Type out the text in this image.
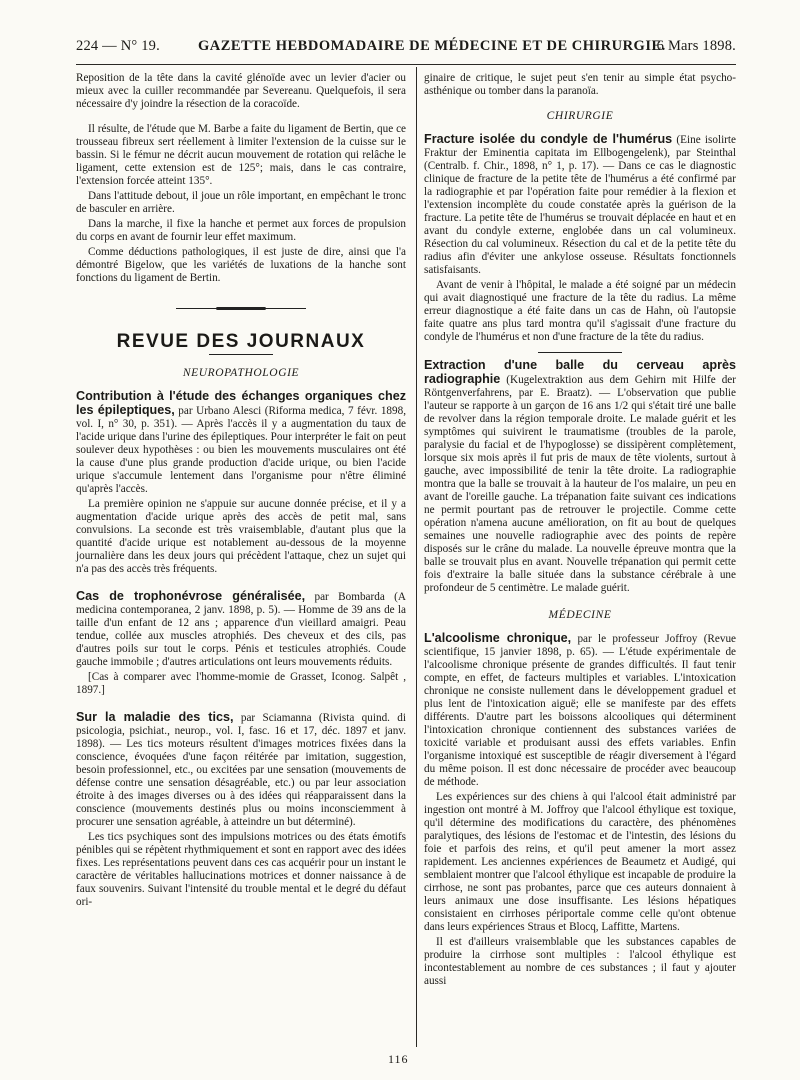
224 — N° 19.	GAZETTE HEBDOMADAIRE DE MÉDECINE ET DE CHIRURGIE.
6 Mars 1898.

Reposition de la tête dans la cavité glénoïde avec un levier d'acier ou mieux avec la cuiller recommandée par Severeanu. Quelquefois, il sera nécessaire d'y joindre la résection de la coracoïde.

Il résulte, de l'étude que M. Barbe a faite du ligament de Bertin, que ce trousseau fibreux sert réellement à limiter l'extension de la cuisse sur le bassin. Si le fémur ne décrit aucun mouvement de rotation qui relâche le ligament, cette extension est de 125°; mais, dans le cas contraire, l'extension forcée atteint 135°.

Dans l'attitude debout, il joue un rôle important, en empêchant le tronc de basculer en arrière.

Dans la marche, il fixe la hanche et permet aux forces de propulsion du corps en avant de fournir leur effet maximum.

Comme déductions pathologiques, il est juste de dire, ainsi que l'a démontré Bigelow, que les variétés de luxations de la hanche sont fonctions du ligament de Bertin.

REVUE DES JOURNAUX
NEUROPATHOLOGIE

Contribution à l'étude des échanges organiques chez les épileptiques, par Urbano Alesci (Riforma medica, 7 févr. 1898, vol. I, n° 30, p. 351). — Après l'accès il y a augmentation du taux de l'acide urique dans l'urine des épileptiques. Pour interpréter le fait on peut soulever deux hypothèses : ou bien les mouvements musculaires ont été la cause d'une plus grande production d'acide urique, ou bien l'acide urique s'accumule lentement dans l'organisme pour n'être éliminé qu'après l'accès.

La première opinion ne s'appuie sur aucune donnée précise, et il y a augmentation d'acide urique après des accès de petit mal, sans convulsions. La seconde est très vraisemblable, d'autant plus que la quantité d'acide urique est notablement au-dessous de la moyenne journalière dans les deux jours qui précèdent l'attaque, chez un sujet qui n'a pas des accès très fréquents.

Cas de trophonévrose généralisée, par Bombarda (A medicina contemporanea, 2 janv. 1898, p. 5). — Homme de 39 ans de la taille d'un enfant de 12 ans ; apparence d'un vieillard amaigri. Peau tendue, collée aux muscles atrophiés. Des cheveux et des cils, pas d'autres poils sur tout le corps. Pénis et testicules atrophiés. Coude gauche immobile ; d'autres articulations ont leurs mouvements réduits.

[Cas à comparer avec l'homme-momie de Grasset, Iconog. Salpêt , 1897.]

Sur la maladie des tics, par Sciamanna (Rivista quind. di psicologia, psichiat., neurop., vol. I, fasc. 16 et 17, déc. 1897 et janv. 1898). — Les tics moteurs résultent d'images motrices fixées dans la conscience, évoquées d'une façon réitérée par imitation, suggestion, besoin professionnel, etc., ou excitées par une sensation (mouvements de défense contre une sensation désagréable, etc.) ou par leur association étroite à des images diverses ou à des idées qui réapparaissent dans la conscience (mouvements destinés plus ou moins inconsciemment à procurer une sensation agréable, à atteindre un but déterminé).

Les tics psychiques sont des impulsions motrices ou des états émotifs pénibles qui se répètent rhythmiquement et sont en rapport avec des idées fixes. Les représentations peuvent dans ces cas acquérir pour un instant le caractère de véritables hallucinations motrices et donner naissance à de faux souvenirs. Suivant l'intensité du trouble mental et le degré du défaut ori-

ginaire de critique, le sujet peut s'en tenir au simple état psycho-asthénique ou tomber dans la paranoïa.

CHIRURGIE

Fracture isolée du condyle de l'humérus (Eine isolirte Fraktur der Eminentia capitata im Ellbogengelenk), par Steinthal (Centralb. f. Chir., 1898, n° 1, p. 17). — Dans ce cas le diagnostic clinique de fracture de la petite tête de l'humérus a été confirmé par la radiographie et par l'opération faite pour remédier à la flexion et l'extension incomplète du coude constatée après la guérison de la fracture. La petite tête de l'humérus se trouvait déplacée en haut et en avant du condyle externe, englobée dans un cal volumineux. Résection du cal volumineux. Résection du cal et de la petite tête du radius afin d'éviter une ankylose osseuse. Résultats fonctionnels satisfaisants.

Avant de venir à l'hôpital, le malade a été soigné par un médecin qui avait diagnostiqué une fracture de la tête du radius. La même erreur diagnostique a été faite dans un cas de Hahn, où l'autopsie faite quatre ans plus tard montra qu'il s'agissait d'une fracture du condyle de l'humérus et non d'une fracture de la tête du radius.

Extraction d'une balle du cerveau après radiographie (Kugelextraktion aus dem Gehirn mit Hilfe der Röntgenverfahrens, par E. Braatz). — L'observation que publie l'auteur se rapporte à un garçon de 16 ans 1/2 qui s'était tiré une balle de revolver dans la région temporale droite. Le malade guérit et les symptômes qui suivirent le traumatisme (troubles de la parole, paralysie du facial et de l'hypoglosse) se dissipèrent complètement, lorsque six mois après il fut pris de maux de tête violents, surtout à gauche, avec impossibilité de tenir la tête droite. La radiographie montra que la balle se trouvait à la hauteur de l'os malaire, un peu en avant de l'oreille gauche. La trépanation faite suivant ces indications ne permit pourtant pas de retrouver le projectile. Comme cette opération n'amena aucune amélioration, on fit au bout de quelques semaines une nouvelle radiographie avec des points de repère disposés sur le crâne du malade. La nouvelle épreuve montra que la balle se trouvait plus en avant. Nouvelle trépanation qui permit cette fois d'extraire la balle située dans la substance cérébrale à une profondeur de 5 centimètre. Le malade guérit.

MÉDECINE

L'alcoolisme chronique, par le professeur Joffroy (Revue scientifique, 15 janvier 1898, p. 65). — L'étude expérimentale de l'alcoolisme chronique présente de grandes difficultés. Il faut tenir compte, en effet, de facteurs multiples et variables. L'intoxication chronique ne consiste nullement dans le développement graduel et plus lent de l'intoxication aiguë; elle se manifeste par des effets différents. D'autre part les boissons alcooliques qui déterminent l'intoxication chronique contiennent des substances variées de toxicité variable et produisant aussi des effets variables. Enfin l'organisme intoxiqué est susceptible de réagir diversement à l'égard du même poison. Il est donc nécessaire de procéder avec beaucoup de méthode.

Les expériences sur des chiens à qui l'alcool était administré par ingestion ont montré à M. Joffroy que l'alcool éthylique est toxique, qu'il détermine des modifications du caractère, des phénomènes paralytiques, des lésions de l'estomac et de l'intestin, des lésions du foie et parfois des reins, et qu'il peut amener la mort assez rapidement. Les anciennes expériences de Beaumetz et Audigé, qui semblaient montrer que l'alcool éthylique est incapable de produire la cirrhose, ne sont pas probantes, parce que ces auteurs donnaient à leurs animaux une dose insuffisante. Les lésions hépatiques consistaient en cirrhoses périportale comme celle qu'ont obtenue dans leurs expériences Straus et Blocq, Laffitte, Martens.

Il est d'ailleurs vraisemblable que les substances capables de produire la cirrhose sont multiples : l'alcool éthylique est incontestablement au nombre de ces substances ; il faut y ajouter aussi

116
